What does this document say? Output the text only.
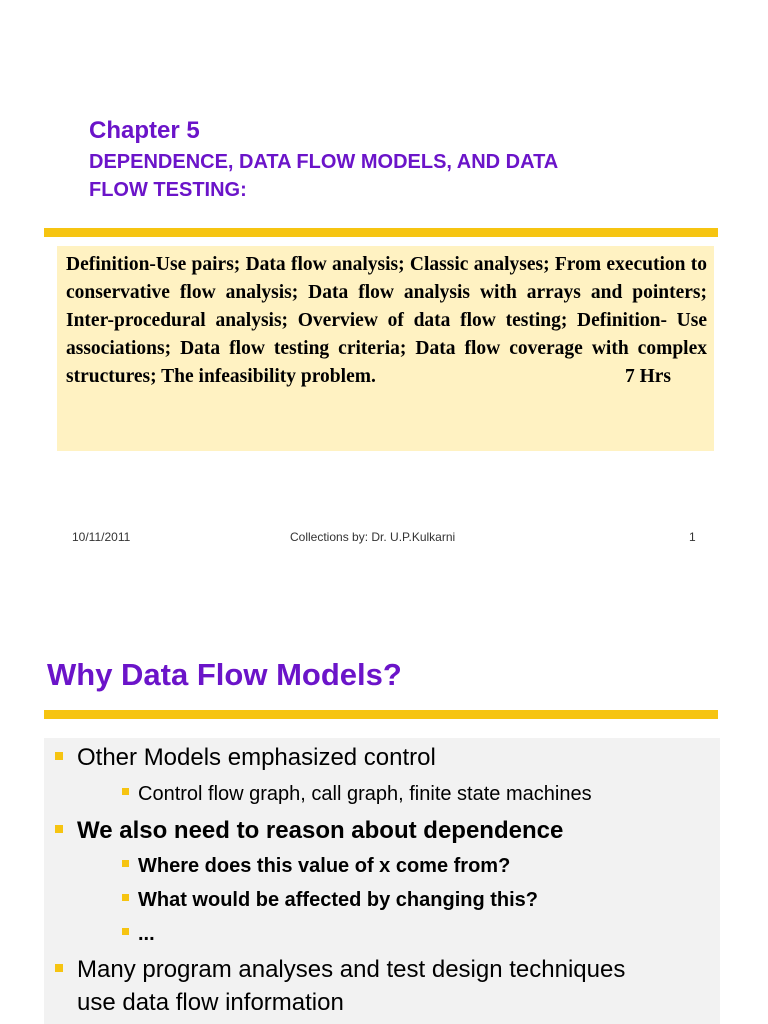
Chapter 5
DEPENDENCE, DATA FLOW MODELS, AND DATA
FLOW TESTING:
Definition-Use pairs; Data flow analysis; Classic analyses; From execution to conservative flow analysis; Data flow analysis with arrays and pointers; Inter-procedural analysis; Overview of data flow testing; Definition- Use associations; Data flow testing criteria; Data flow coverage with complex structures; The infeasibility problem.	7 Hrs
10/11/2011	Collections by: Dr. U.P.Kulkarni	1
Why Data Flow Models?
Other Models emphasized control
Control flow graph, call graph, finite state machines
We also need to reason about dependence
Where does this value of x come from?
What would be affected by changing this?
...
Many program analyses and test design techniques
use data flow information
